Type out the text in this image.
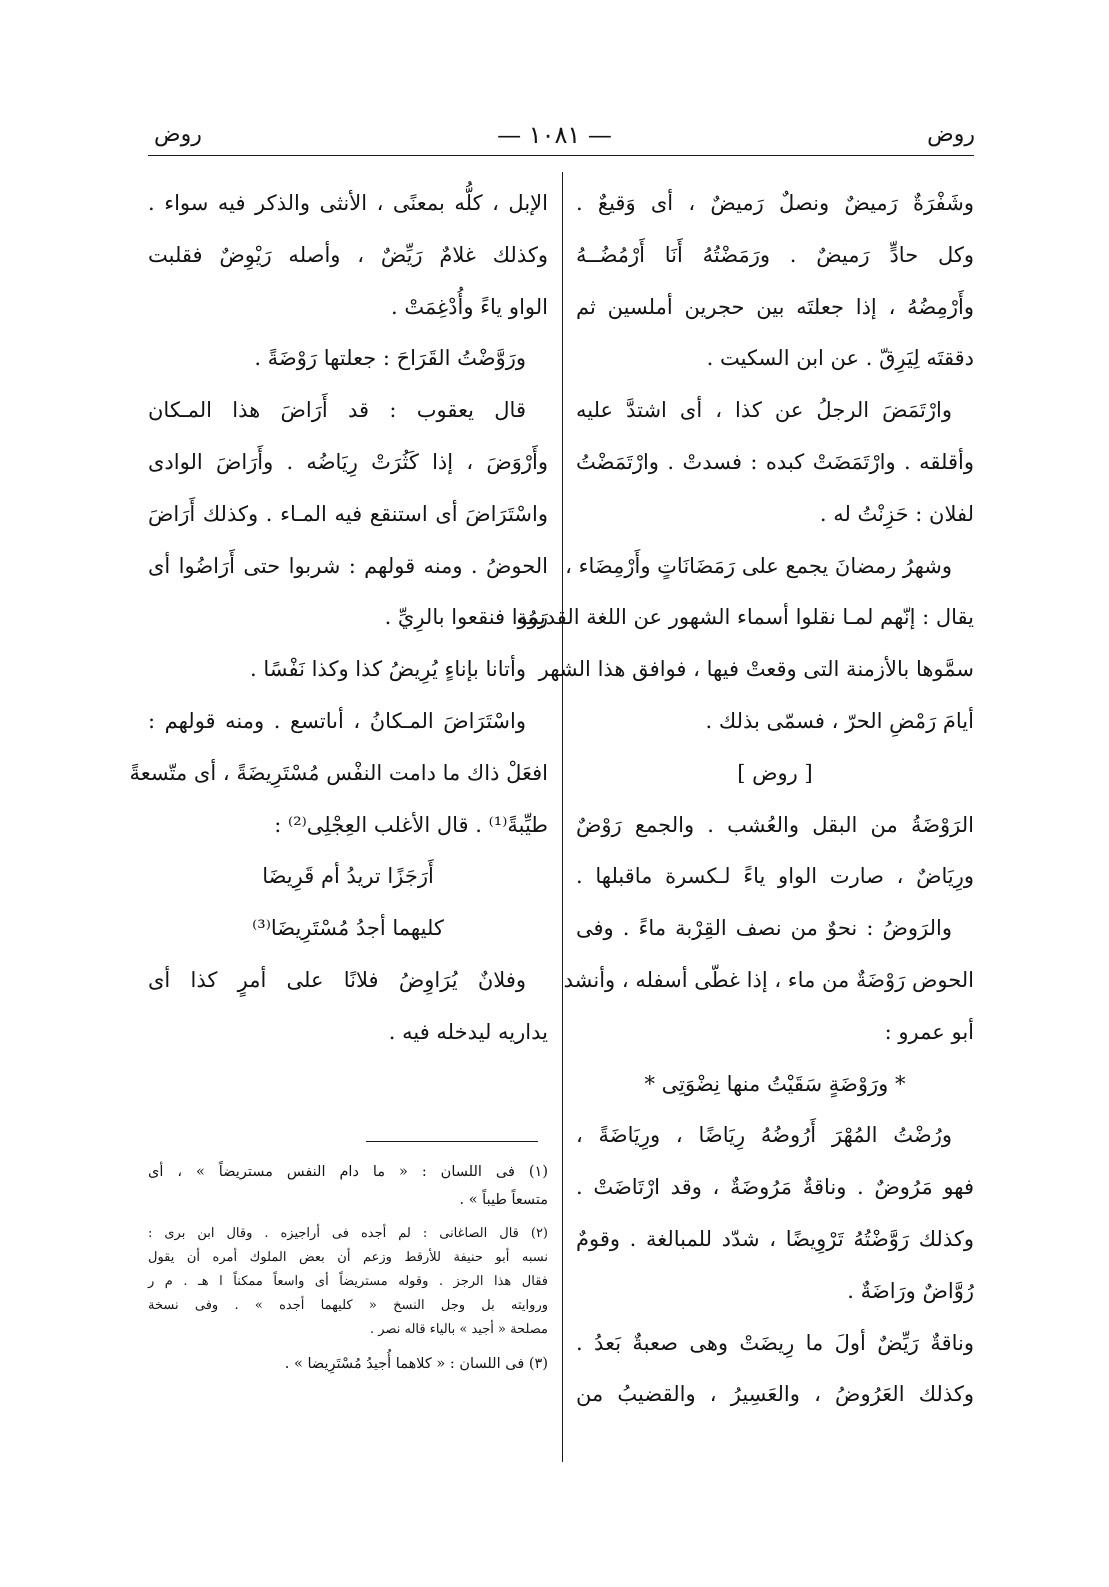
روض
— ١٠٨١ —
روض
وشَفْرَةٌ رَميضٌ ونصلٌ رَميضٌ ، أى وَقيعٌ .
وكل حادٍّ رَميضٌ . ورَمَضْتُهُ أَنَا أَرْمُضُــهُ
وأَرْمِضُهُ ، إذا جعلتَه بين حجرين أملسين ثم
دققتَه لِيَرِقّ . عن ابن السكيت .
وارْتَمَضَ الرجلُ عن كذا ، أى اشتدَّ عليه
وأقلقه . وارْتَمَضَتْ كبده : فسدتْ . وارْتَمَضْتُ
لفلان : حَزِنْتُ له .
وشهرُ رمضانَ يجمع على رَمَضَانَاتٍ وأَرْمِضَاء ،
يقال : إنّهم لمـا نقلوا أسماء الشهور عن اللغة القديمة
سمَّوها بالأزمنة التى وقعتْ فيها ، فوافق هذا الشهر
أيامَ رَمْضِ الحرّ ، فسمّى بذلك .
[ روض ]
الرَوْضَةُ من البقل والعُشب . والجمع رَوْضٌ
ورِيَاضٌ ، صارت الواو ياءً لـكسرة ماقبلها .
والرَوضُ : نحوٌ من نصف القِرْبة ماءً . وفى
الحوض رَوْضَةٌ من ماء ، إذا غطّى أسفله ، وأنشد
أبو عمرو :
* ورَوْضَةٍ سَقَيْتُ منها نِضْوَتِى *
ورُضْتُ المُهْرَ أَرُوضُهُ رِيَاضًا ، ورِيَاضَةً ،
فهو مَرُوضٌ . وناقةٌ مَرُوضَةٌ ، وقد ارْتَاضَتْ .
وكذلك رَوَّضْتُهُ تَرْوِيضًا ، شدّد للمبالغة . وقومٌ
رُوَّاضٌ ورَاضَةٌ .
وناقةٌ رَيِّضٌ أولَ ما رِيضَتْ وهى صعبةٌ بَعدُ .
وكذلك العَرُوضُ ، والعَسِيرُ ، والقضيبُ من
الإبل ، كلُّه بمعنًى ، الأنثى والذكر فيه سواء .
وكذلك غلامٌ رَيِّضٌ ، وأصله رَيْوِضٌ فقلبت
الواو ياءً وأُدْغِمَتْ .
ورَوَّضْتُ القَرَاحَ : جعلتها رَوْضَةً .
قال يعقوب : قد أَرَاضَ هذا المـكان
وأَرْوَضَ ، إذا كَثُرَتْ رِيَاضُه . وأَرَاضَ الوادى
واسْتَرَاضَ أى استنقع فيه المـاء . وكذلك أَرَاضَ
الحوضُ . ومنه قولهم : شربوا حتى أَرَاضُوا أى
رَوُوا فنقعوا بالرِيِّ .
وأتانا بإناءٍ يُرِيضُ كذا وكذا نَفْسًا .
واسْتَرَاضَ المـكانُ ، أىاتسع . ومنه قولهم :
افعَلْ ذاك ما دامت النفْس مُسْتَرِيضَةً ، أى متّسعةً
طيِّبةً⁽¹⁾ . قال الأغلب العِجْلِى⁽²⁾ :
أَرَجَزًا تريدُ أم قَرِيضَا
كليهما أجدُ مُسْتَرِيضَا⁽³⁾
وفلانٌ يُرَاوِضُ فلانًا على أمرٍ كذا أى
يداريه ليدخله فيه .
(١) فى اللسان : « ما دام النفس مستريضاً » ، أى
متسعاً طيباً » .
(٢) قال الصاغانى : لم أجده فى أراجيزه . وقال ابن برى :
نسبه أبو حنيفة للأرقط وزعم أن بعض الملوك أمره أن يقول
فقال هذا الرجز . وقوله مستريضاً أى واسعاً ممكناً ا هـ . م ر
وروايته بل وجل النسخ « كليهما أجده » . وفى نسخة
مصلحة « أجيد » بالياء قاله نصر .
(٣) فى اللسان : « كلاهما أُجيدُ مُسْتَرِيضا » .
